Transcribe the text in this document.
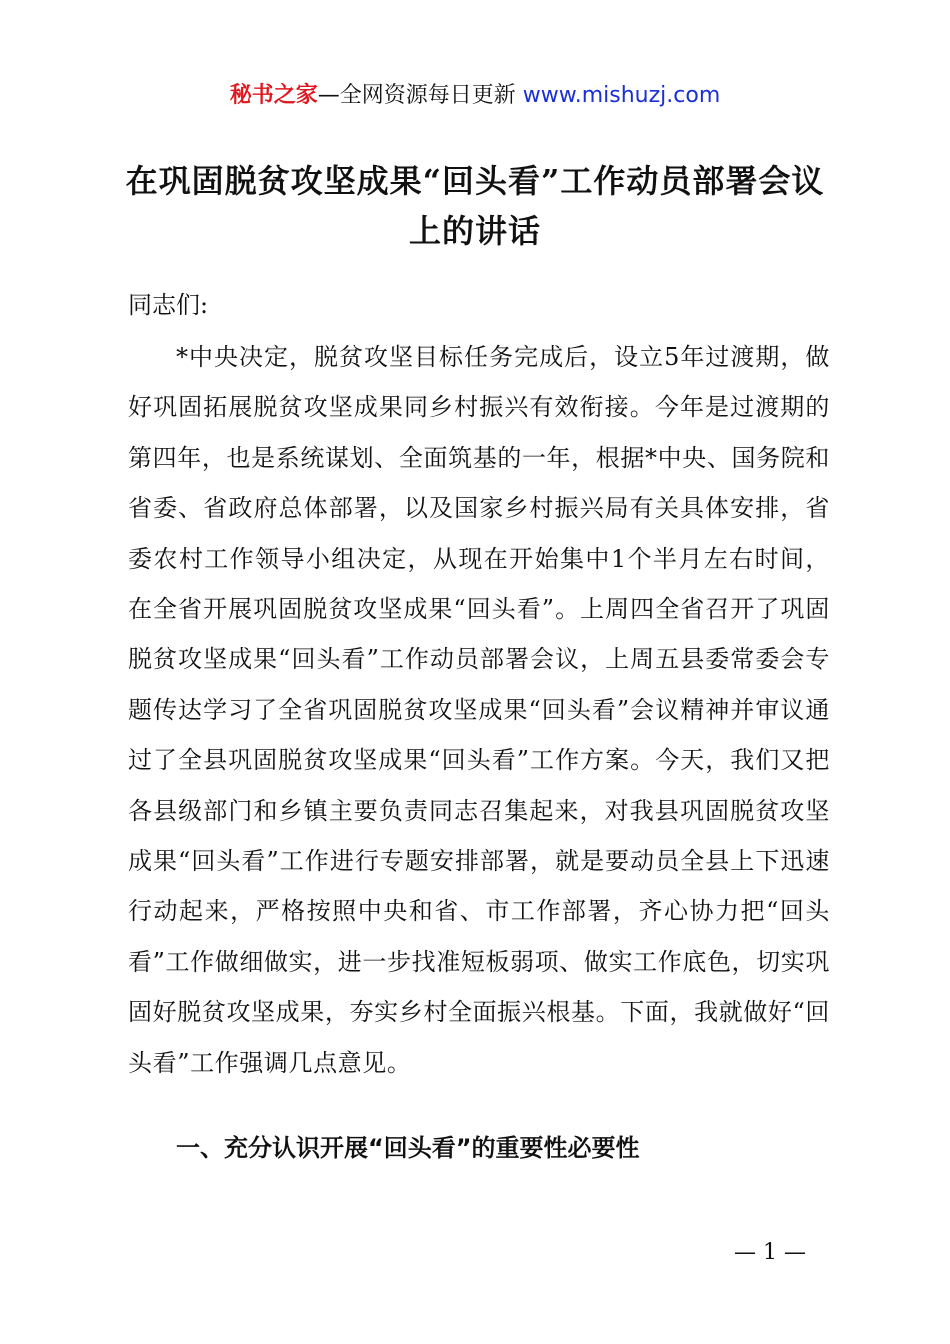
秘书之家—全网资源每日更新 www.mishuzj.com
在巩固脱贫攻坚成果“回头看”工作动员部署会议上的讲话

同志们:

*中央决定，脱贫攻坚目标任务完成后，设立5年过渡期，做好巩固拓展脱贫攻坚成果同乡村振兴有效衔接。今年是过渡期的第四年，也是系统谋划、全面筑基的一年，根据*中央、国务院和省委、省政府总体部署，以及国家乡村振兴局有关具体安排，省委农村工作领导小组决定，从现在开始集中1个半月左右时间，在全省开展巩固脱贫攻坚成果“回头看”。上周四全省召开了巩固脱贫攻坚成果“回头看”工作动员部署会议，上周五县委常委会专题传达学习了全省巩固脱贫攻坚成果“回头看”会议精神并审议通过了全县巩固脱贫攻坚成果“回头看”工作方案。今天，我们又把各县级部门和乡镇主要负责同志召集起来，对我县巩固脱贫攻坚成果“回头看”工作进行专题安排部署，就是要动员全县上下迅速行动起来，严格按照中央和省、市工作部署，齐心协力把“回头看”工作做细做实，进一步找准短板弱项、做实工作底色，切实巩固好脱贫攻坚成果，夯实乡村全面振兴根基。下面，我就做好“回头看”工作强调几点意见。

一、充分认识开展“回头看”的重要性必要性
— 1 —
